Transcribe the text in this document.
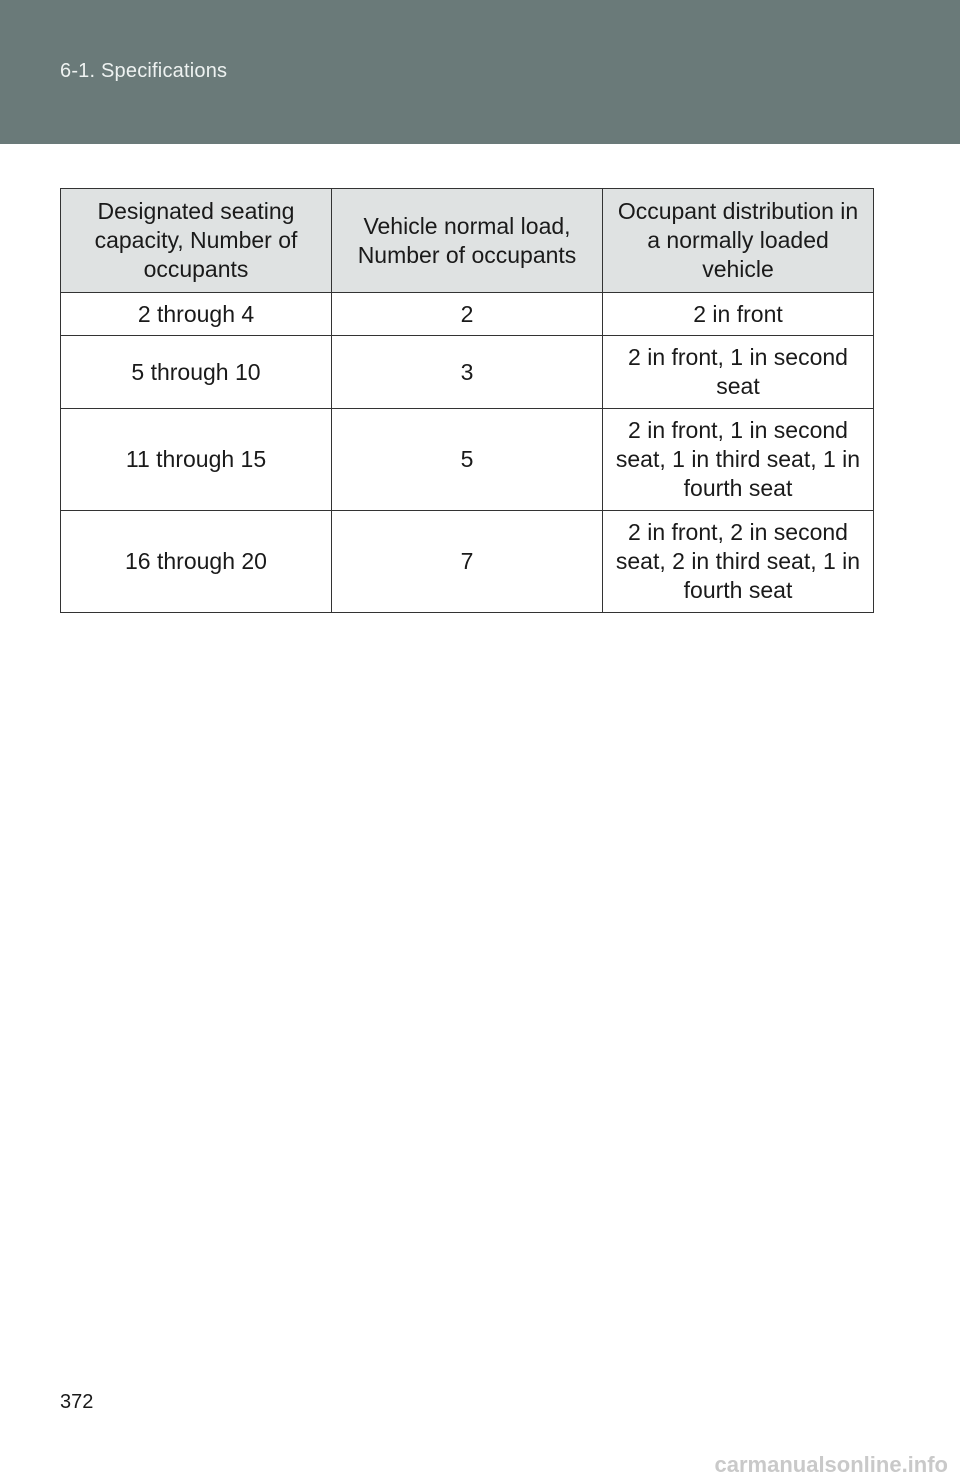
6-1. Specifications
Designated seating capacity, Number of occupants	Vehicle normal load, Number of occupants	Occupant distribution in a normally loaded vehicle
2 through 4	2	2 in front
5 through 10	3	2 in front, 1 in second seat
11 through 15	5	2 in front, 1 in second seat, 1 in third seat, 1 in fourth seat
16 through 20	7	2 in front, 2 in second seat, 2 in third seat, 1 in fourth seat
372
carmanualsonline.info
